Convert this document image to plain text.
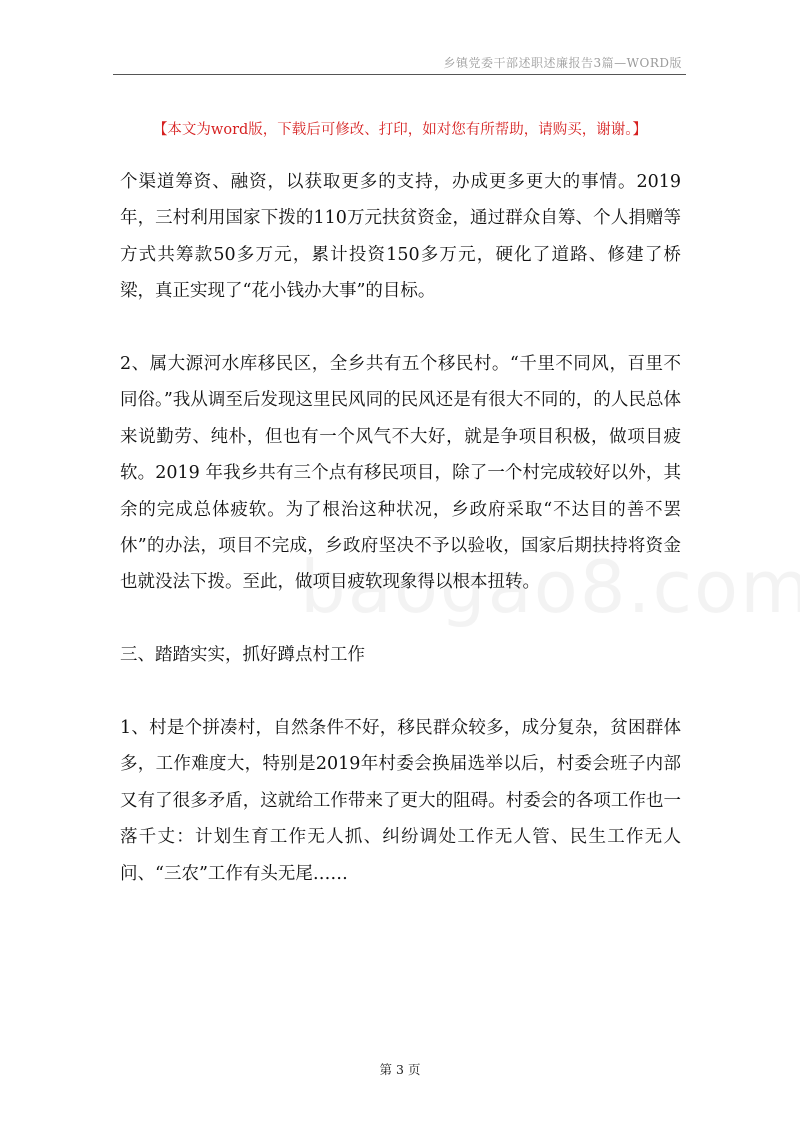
乡镇党委干部述职述廉报告3篇—WORD版
【本文为word版，下载后可修改、打印，如对您有所帮助，请购买，谢谢。】

个渠道筹资、融资，以获取更多的支持，办成更多更大的事情。2019年，三村利用国家下拨的110万元扶贫资金，通过群众自筹、个人捐赠等方式共筹款50多万元，累计投资150多万元，硬化了道路、修建了桥梁，真正实现了“花小钱办大事”的目标。

2、属大源河水库移民区，全乡共有五个移民村。“千里不同风，百里不同俗。”我从调至后发现这里民风同的民风还是有很大不同的，的人民总体来说勤劳、纯朴，但也有一个风气不大好，就是争项目积极，做项目疲软。2019 年我乡共有三个点有移民项目，除了一个村完成较好以外，其余的完成总体疲软。为了根治这种状况，乡政府采取“不达目的善不罢休”的办法，项目不完成，乡政府坚决不予以验收，国家后期扶持将资金也就没法下拨。至此，做项目疲软现象得以根本扭转。

三、踏踏实实，抓好蹲点村工作

1、村是个拼凑村，自然条件不好，移民群众较多，成分复杂，贫困群体多，工作难度大，特别是2019年村委会换届选举以后，村委会班子内部又有了很多矛盾，这就给工作带来了更大的阻碍。村委会的各项工作也一落千丈：计划生育工作无人抓、纠纷调处工作无人管、民生工作无人问、“三农”工作有头无尾……

第 3 页
